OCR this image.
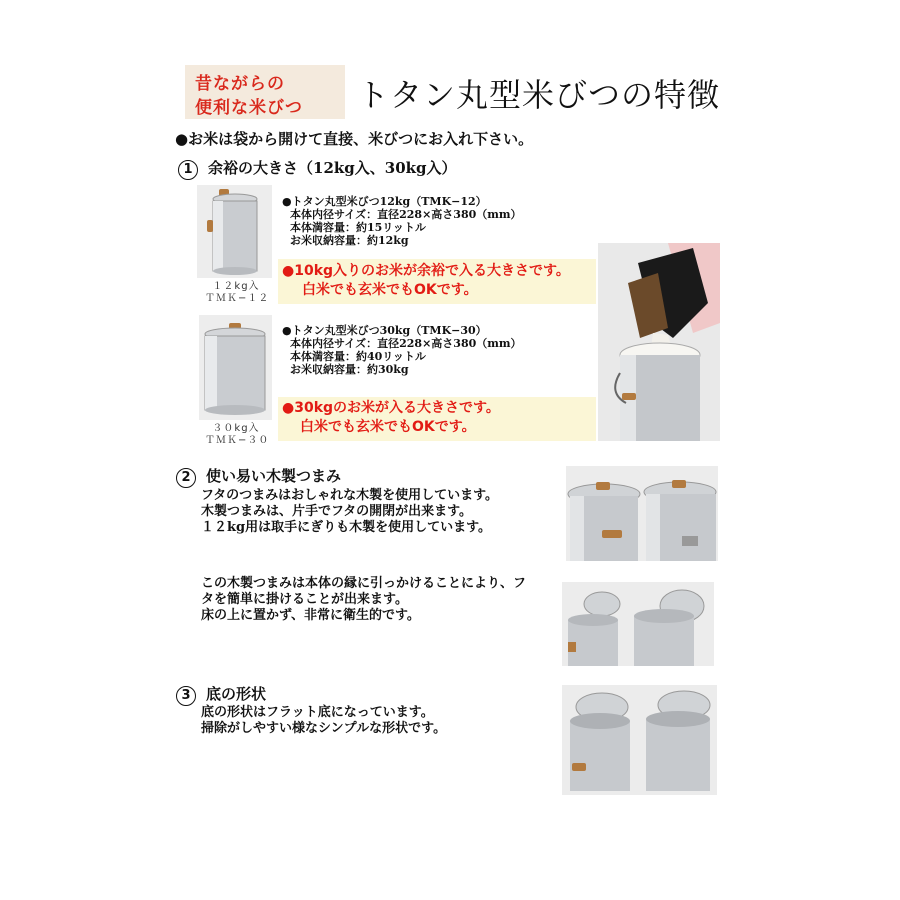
昔ながらの
便利な米びつ トタン丸型米びつの特徴
●お米は袋から開けて直接、米びつにお入れ下さい。
1 余裕の大きさ（12kg入、30kg入）
１２kg入
ＴＭＫ−１２
●トタン丸型米びつ12kg（TMK−12）
本体内径サイズ：直径228×高さ380（mm）
本体満容量：約15リットル
お米収納容量：約12kg
●10kg入りのお米が余裕で入る大きさです。
白米でも玄米でもOKです。
３０kg入
ＴＭＫ−３０
●トタン丸型米びつ30kg（TMK−30）
本体内径サイズ：直径228×高さ380（mm）
本体満容量：約40リットル
お米収納容量：約30kg
●30kgのお米が入る大きさです。
白米でも玄米でもOKです。
2 使い易い木製つまみ
フタのつまみはおしゃれな木製を使用しています。
木製つまみは、片手でフタの開閉が出来ます。
１２kg用は取手にぎりも木製を使用しています。
この木製つまみは本体の縁に引っかけることにより、フ
タを簡単に掛けることが出来ます。
床の上に置かず、非常に衛生的です。
3 底の形状
底の形状はフラット底になっています。
掃除がしやすい様なシンプルな形状です。
